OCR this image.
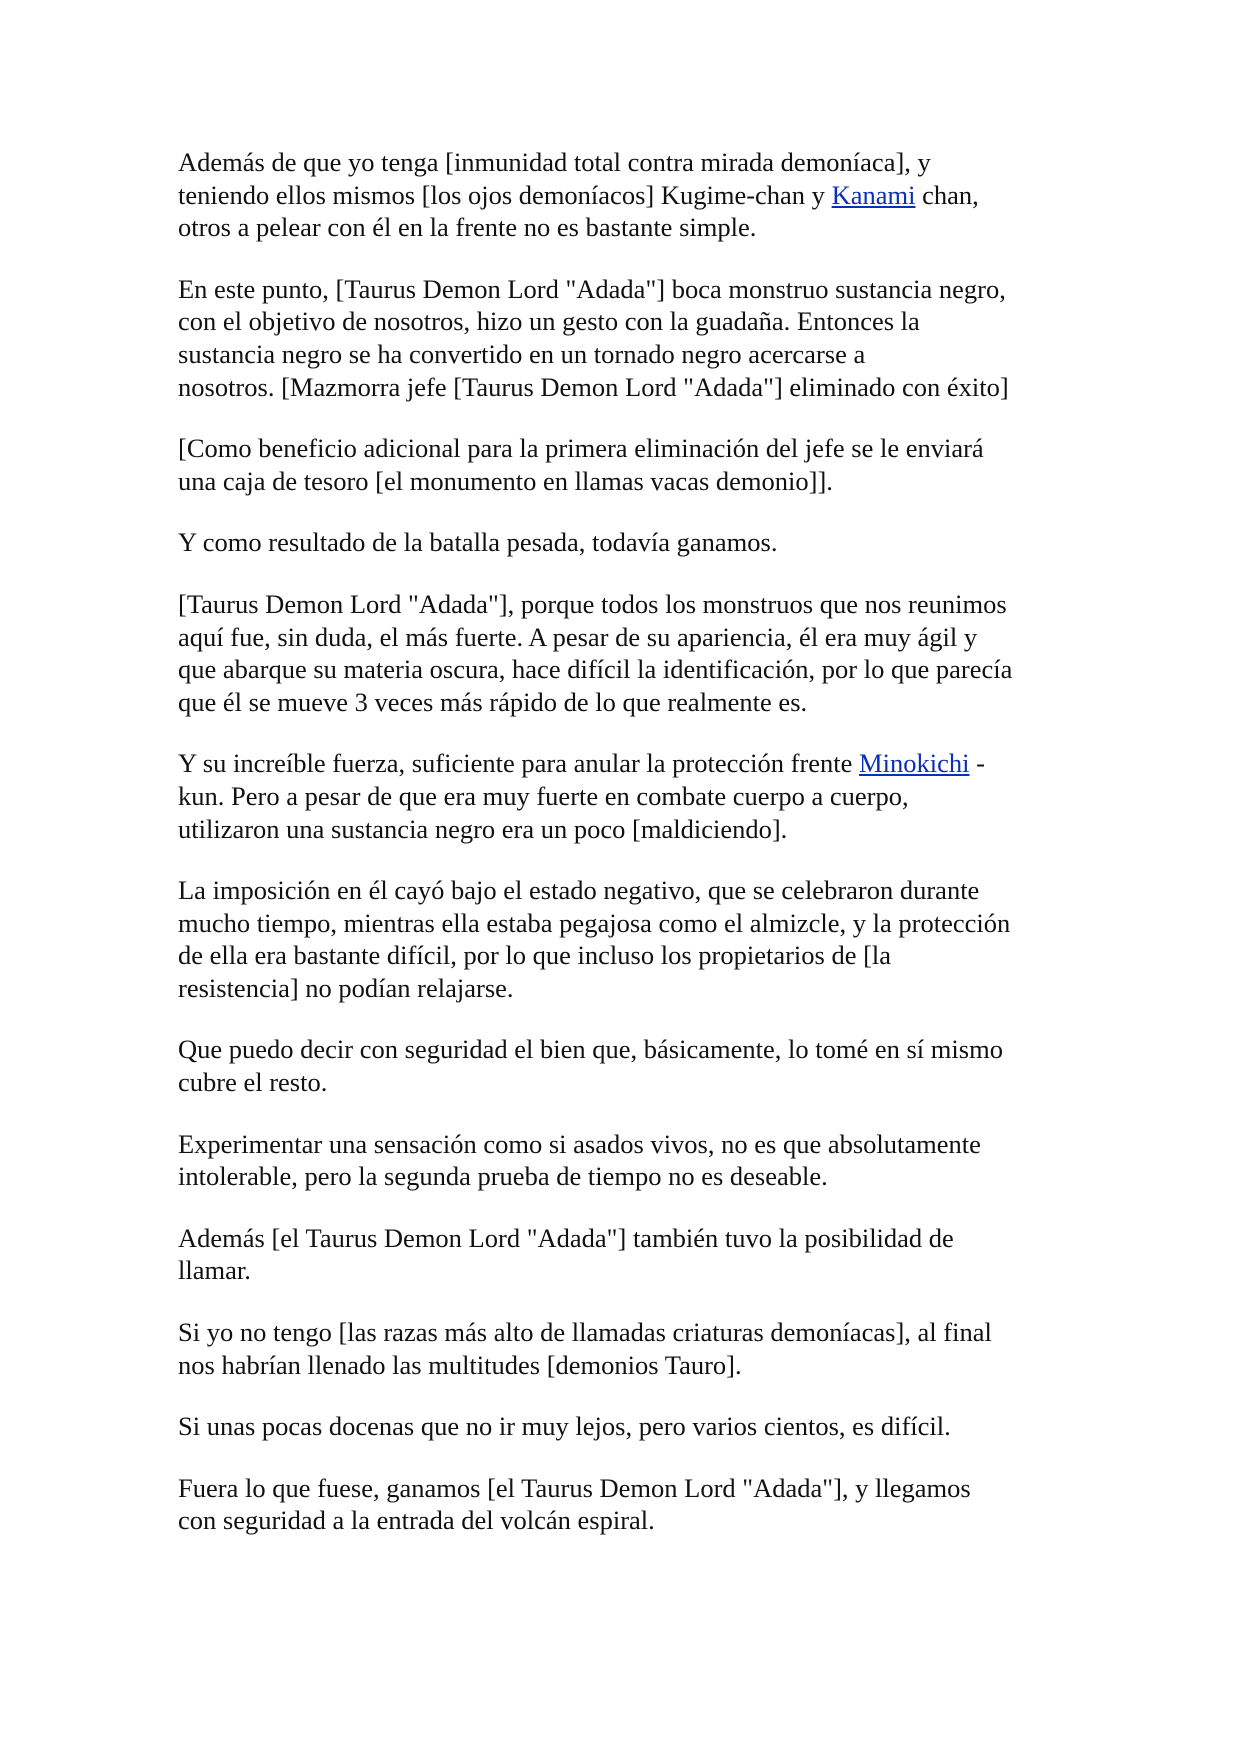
Además de que yo tenga [inmunidad total contra mirada demoníaca], y
teniendo ellos mismos [los ojos demoníacos] Kugime-chan y Kanami chan,
otros a pelear con él en la frente no es bastante simple.

En este punto, [Taurus Demon Lord "Adada"] boca monstruo sustancia negro,
con el objetivo de nosotros, hizo un gesto con la guadaña. Entonces la
sustancia negro se ha convertido en un tornado negro acercarse a
nosotros. [Mazmorra jefe [Taurus Demon Lord "Adada"] eliminado con éxito]

[Como beneficio adicional para la primera eliminación del jefe se le enviará
una caja de tesoro [el monumento en llamas vacas demonio]].

Y como resultado de la batalla pesada, todavía ganamos.

[Taurus Demon Lord "Adada"], porque todos los monstruos que nos reunimos
aquí fue, sin duda, el más fuerte. A pesar de su apariencia, él era muy ágil y
que abarque su materia oscura, hace difícil la identificación, por lo que parecía
que él se mueve 3 veces más rápido de lo que realmente es.

Y su increíble fuerza, suficiente para anular la protección frente Minokichi -
kun. Pero a pesar de que era muy fuerte en combate cuerpo a cuerpo,
utilizaron una sustancia negro era un poco [maldiciendo].

La imposición en él cayó bajo el estado negativo, que se celebraron durante
mucho tiempo, mientras ella estaba pegajosa como el almizcle, y la protección
de ella era bastante difícil, por lo que incluso los propietarios de [la
resistencia] no podían relajarse.

Que puedo decir con seguridad el bien que, básicamente, lo tomé en sí mismo
cubre el resto.

Experimentar una sensación como si asados vivos, no es que absolutamente
intolerable, pero la segunda prueba de tiempo no es deseable.

Además [el Taurus Demon Lord "Adada"] también tuvo la posibilidad de
llamar.

Si yo no tengo [las razas más alto de llamadas criaturas demoníacas], al final
nos habrían llenado las multitudes [demonios Tauro].

Si unas pocas docenas que no ir muy lejos, pero varios cientos, es difícil.

Fuera lo que fuese, ganamos [el Taurus Demon Lord "Adada"], y llegamos
con seguridad a la entrada del volcán espiral.
